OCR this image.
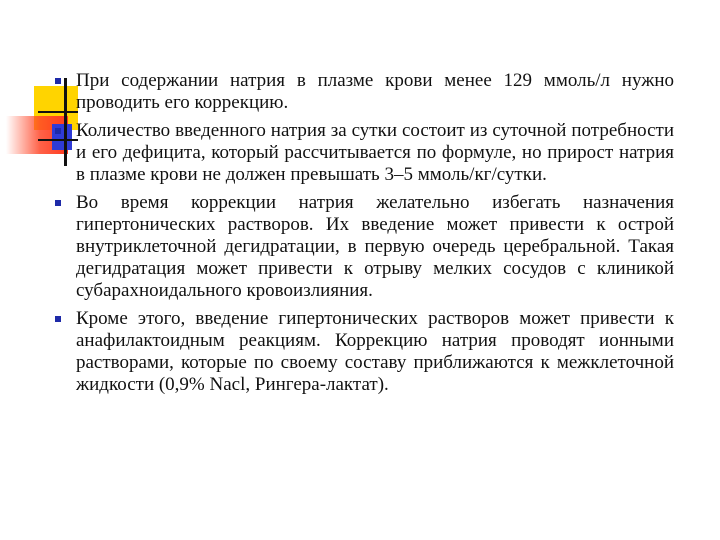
При содержании натрия в плазме крови менее 129 ммоль/л нужно проводить его коррекцию.
Количество введенного натрия за сутки состоит из суточной потребности и его дефицита, который рассчитывается по формуле, но прирост натрия в плазме крови не должен превышать 3–5 ммоль/кг/сутки.
Во время коррекции натрия желательно избегать назначения гипертонических растворов. Их введение может привести к острой внутриклеточной дегидратации, в первую очередь церебральной. Такая дегидратация может привести к отрыву мелких сосудов с клиникой субарахноидального кровоизлияния.
Кроме этого, введение гипертонических растворов может привести к анафилактоидным реакциям. Коррекцию натрия проводят ионными растворами, которые по своему составу приближаются к межклеточной жидкости (0,9% Nacl, Рингера-лактат).
